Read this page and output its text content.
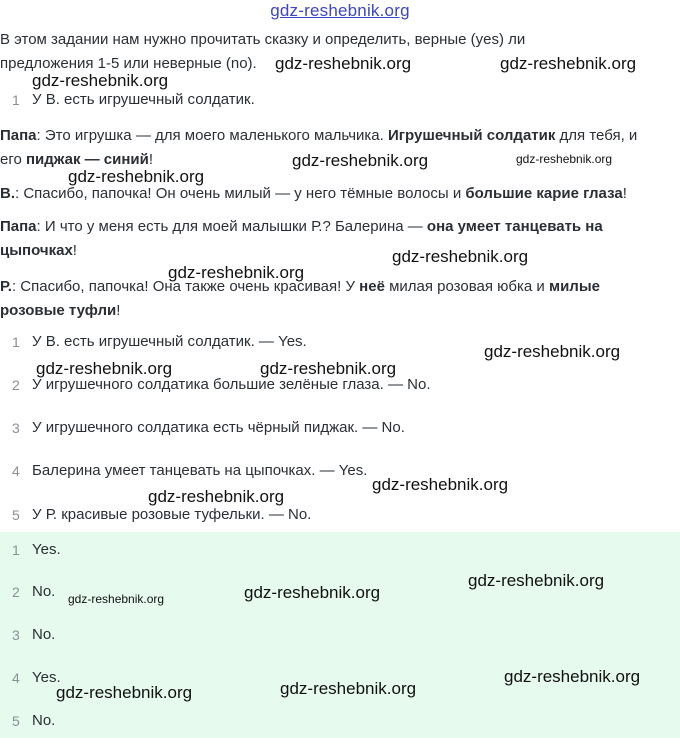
gdz-reshebnik.org
В этом задании нам нужно прочитать сказку и определить, верные (yes) ли
предложения 1-5 или неверные (no).
1 У В. есть игрушечный солдатик.
Папа: Это игрушка — для моего маленького мальчика. Игрушечный солдатик для тебя, и
его пиджак — синий!
В.: Спасибо, папочка! Он очень милый — у него тёмные волосы и большие карие глаза!
Папа: И что у меня есть для моей малышки Р.? Балерина — она умеет танцевать на
цыпочках!
Р.: Спасибо, папочка! Она также очень красивая! У неё милая розовая юбка и милые
розовые туфли!
1 У В. есть игрушечный солдатик. — Yes.
2 У игрушечного солдатика большие зелёные глаза. — No.
3 У игрушечного солдатика есть чёрный пиджак. — No.
4 Балерина умеет танцевать на цыпочках. — Yes.
5 У Р. красивые розовые туфельки. — No.
1 Yes.
2 No.
3 No.
4 Yes.
5 No.
gdz-reshebnik.org	gdz-reshebnik.org
gdz-reshebnik.org
gdz-reshebnik.org	gdz-reshebnik.org
gdz-reshebnik.org
gdz-reshebnik.org
gdz-reshebnik.org
gdz-reshebnik.org
gdz-reshebnik.org	gdz-reshebnik.org
gdz-reshebnik.org
gdz-reshebnik.org
gdz-reshebnik.org
gdz-reshebnik.org
gdz-reshebnik.org
gdz-reshebnik.org
gdz-reshebnik.org
gdz-reshebnik.org
